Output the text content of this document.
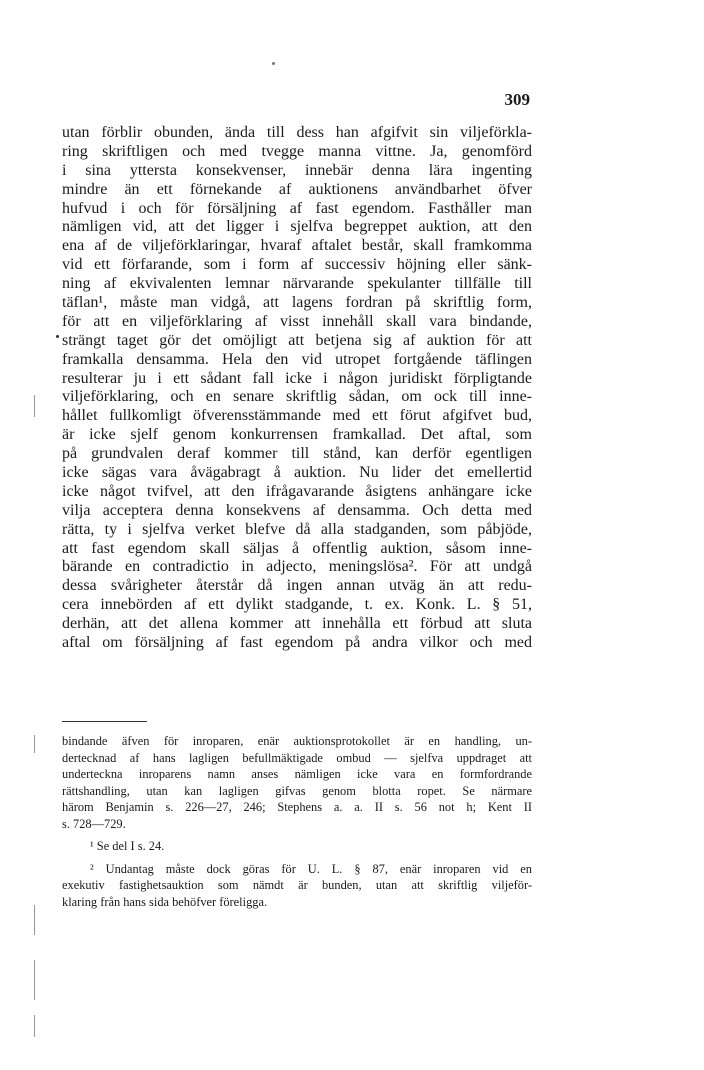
309
utan förblir obunden, ända till dess han afgifvit sin viljeförkla-
ring skriftligen och med tvegge manna vittne. Ja, genomförd
i sina yttersta konsekvenser, innebär denna lära ingenting
mindre än ett förnekande af auktionens användbarhet öfver
hufvud i och för försäljning af fast egendom. Fasthåller man
nämligen vid, att det ligger i sjelfva begreppet auktion, att den
ena af de viljeförklaringar, hvaraf aftalet består, skall framkomma
vid ett förfarande, som i form af successiv höjning eller sänk-
ning af ekvivalenten lemnar närvarande spekulanter tillfälle till
täflan¹, måste man vidgå, att lagens fordran på skriftlig form,
för att en viljeförklaring af visst innehåll skall vara bindande,
strängt taget gör det omöjligt att betjena sig af auktion för att
framkalla densamma. Hela den vid utropet fortgående täflingen
resulterar ju i ett sådant fall icke i någon juridiskt förpligtande
viljeförklaring, och en senare skriftlig sådan, om ock till inne-
hållet fullkomligt öfverensstämmande med ett förut afgifvet bud,
är icke sjelf genom konkurrensen framkallad. Det aftal, som
på grundvalen deraf kommer till stånd, kan derför egentligen
icke sägas vara åvägabragt å auktion. Nu lider det emellertid
icke något tvifvel, att den ifrågavarande åsigtens anhängare icke
vilja acceptera denna konsekvens af densamma. Och detta med
rätta, ty i sjelfva verket blefve då alla stadganden, som påbjöde,
att fast egendom skall säljas å offentlig auktion, såsom inne-
bärande en contradictio in adjecto, meningslösa². För att undgå
dessa svårigheter återstår då ingen annan utväg än att redu-
cera innebörden af ett dylikt stadgande, t. ex. Konk. L. § 51,
derhän, att det allena kommer att innehålla ett förbud att sluta
aftal om försäljning af fast egendom på andra vilkor och med
bindande äfven för inroparen, enär auktionsprotokollet är en handling, un-
dertecknad af hans lagligen befullmäktigade ombud — sjelfva uppdraget att
underteckna inroparens namn anses nämligen icke vara en formfordrande
rättshandling, utan kan lagligen gifvas genom blotta ropet. Se närmare
härom Benjamin s. 226—27, 246; Stephens a. a. II s. 56 not h; Kent II
s. 728—729.
¹ Se del I s. 24.
² Undantag måste dock göras för U. L. § 87, enär inroparen vid en
exekutiv fastighetsauktion som nämdt är bunden, utan att skriftlig viljeför-
klaring från hans sida behöfver föreligga.
